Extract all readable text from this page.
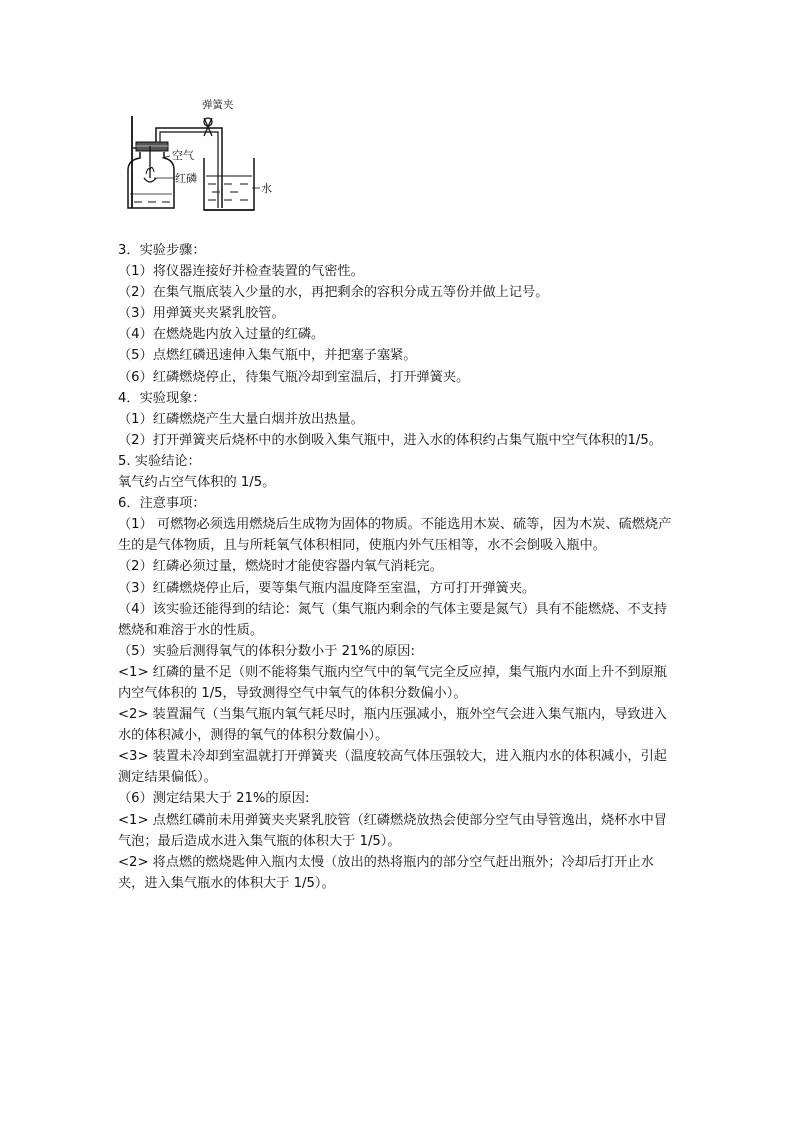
弹簧夹
空气
红磷
水

3．实验步骤：

（1）将仪器连接好并检查装置的气密性。

（2）在集气瓶底装入少量的水，再把剩余的容积分成五等份并做上记号。

（3）用弹簧夹夹紧乳胶管。

（4）在燃烧匙内放入过量的红磷。

（5）点燃红磷迅速伸入集气瓶中，并把塞子塞紧。

（6）红磷燃烧停止，待集气瓶冷却到室温后，打开弹簧夹。

4．实验现象：

（1）红磷燃烧产生大量白烟并放出热量。

（2）打开弹簧夹后烧杯中的水倒吸入集气瓶中，进入水的体积约占集气瓶中空气体积的1/5。

5. 实验结论：

氧气约占空气体积的 1/5。

6．注意事项：

（1） 可燃物必须选用燃烧后生成物为固体的物质。不能选用木炭、硫等，因为木炭、硫燃烧产生的是气体物质，且与所耗氧气体积相同，使瓶内外气压相等，水不会倒吸入瓶中。

（2）红磷必须过量，燃烧时才能使容器内氧气消耗完。

（3）红磷燃烧停止后，要等集气瓶内温度降至室温，方可打开弹簧夹。

（4）该实验还能得到的结论：氮气（集气瓶内剩余的气体主要是氮气）具有不能燃烧、不支持燃烧和难溶于水的性质。

（5）实验后测得氧气的体积分数小于 21%的原因:

<1> 红磷的量不足（则不能将集气瓶内空气中的氧气完全反应掉，集气瓶内水面上升不到原瓶内空气体积的 1/5，导致测得空气中氧气的体积分数偏小）。

<2> 装置漏气（当集气瓶内氧气耗尽时，瓶内压强减小，瓶外空气会进入集气瓶内，导致进入水的体积减小，测得的氧气的体积分数偏小）。

<3> 装置未冷却到室温就打开弹簧夹（温度较高气体压强较大，进入瓶内水的体积减小，引起测定结果偏低）。

（6）测定结果大于 21%的原因:

<1> 点燃红磷前未用弹簧夹夹紧乳胶管（红磷燃烧放热会使部分空气由导管逸出，烧杯水中冒气泡；最后造成水进入集气瓶的体积大于 1/5）。

<2> 将点燃的燃烧匙伸入瓶内太慢（放出的热将瓶内的部分空气赶出瓶外；冷却后打开止水夹，进入集气瓶水的体积大于 1/5）。
